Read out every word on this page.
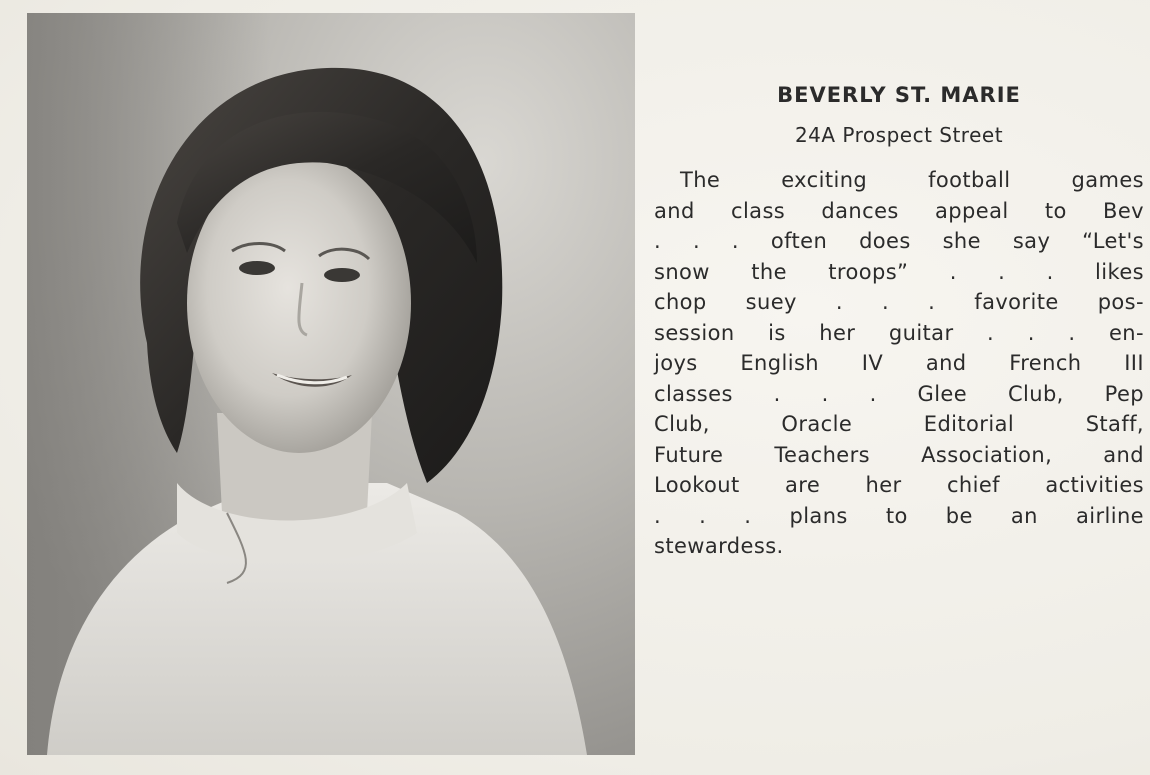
BEVERLY ST. MARIE
24A Prospect Street
The exciting football games
and class dances appeal to Bev
. . . often does she say “Let's
snow the troops” . . . likes
chop suey . . . favorite pos-
session is her guitar . . . en-
joys English IV and French III
classes . . . Glee Club, Pep
Club, Oracle Editorial Staff,
Future Teachers Association, and
Lookout are her chief activities
. . . plans to be an airline
stewardess.
